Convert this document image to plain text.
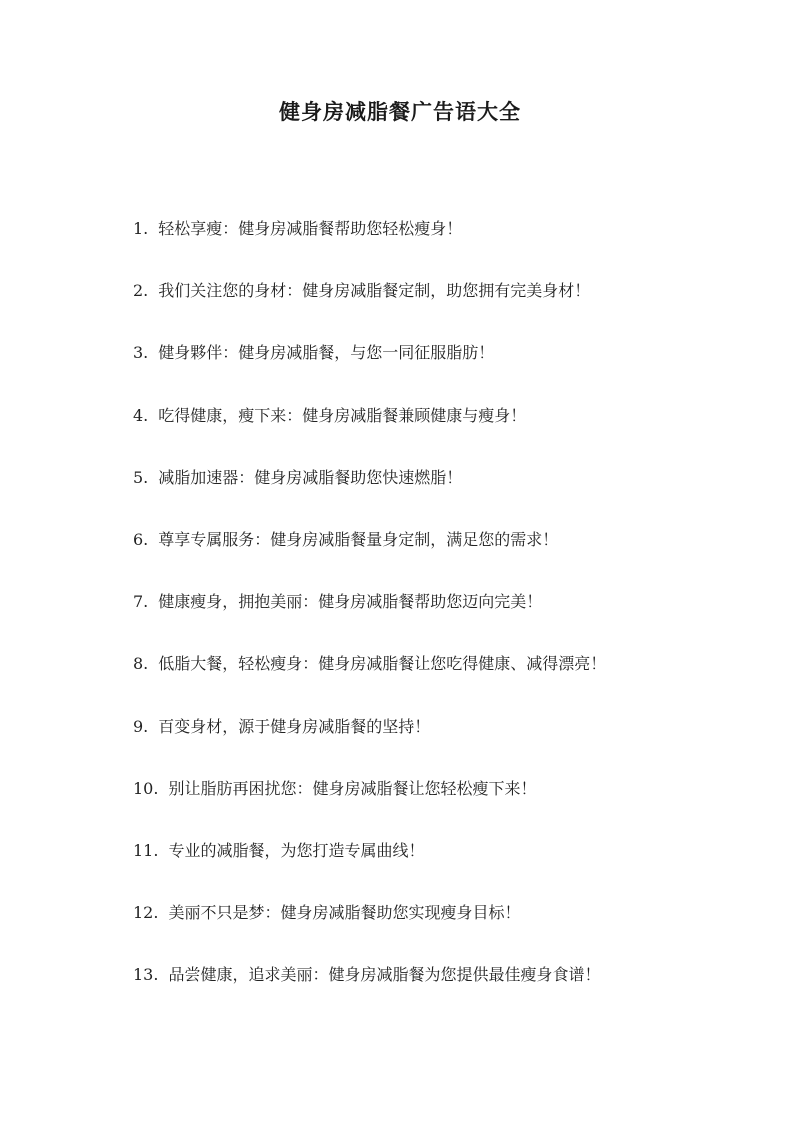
健身房减脂餐广告语大全
1. 轻松享瘦：健身房减脂餐帮助您轻松瘦身！
2. 我们关注您的身材：健身房减脂餐定制，助您拥有完美身材！
3. 健身夥伴：健身房减脂餐，与您一同征服脂肪！
4. 吃得健康，瘦下来：健身房减脂餐兼顾健康与瘦身！
5. 减脂加速器：健身房减脂餐助您快速燃脂！
6. 尊享专属服务：健身房减脂餐量身定制，满足您的需求！
7. 健康瘦身，拥抱美丽：健身房减脂餐帮助您迈向完美！
8. 低脂大餐，轻松瘦身：健身房减脂餐让您吃得健康、减得漂亮！
9. 百变身材，源于健身房减脂餐的坚持！
10. 别让脂肪再困扰您：健身房减脂餐让您轻松瘦下来！
11. 专业的减脂餐，为您打造专属曲线！
12. 美丽不只是梦：健身房减脂餐助您实现瘦身目标！
13. 品尝健康，追求美丽：健身房减脂餐为您提供最佳瘦身食谱！
